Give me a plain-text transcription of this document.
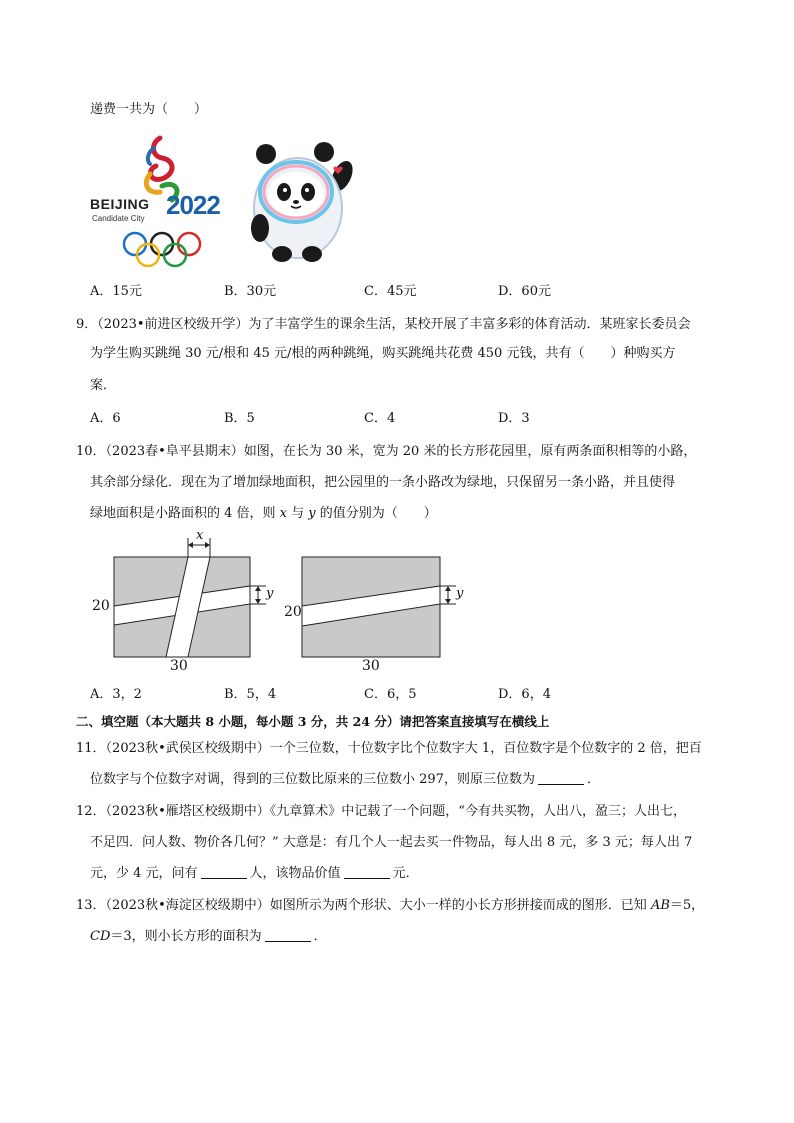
递费一共为（　　）
BEIJING
Candidate City 2022
A．15元	B．30元	C．45元	D．60元
9．（2023•前进区校级开学）为了丰富学生的课余生活，某校开展了丰富多彩的体育活动．某班家长委员会
为学生购买跳绳 30 元/根和 45 元/根的两种跳绳，购买跳绳共花费 450 元钱，共有（　　）种购买方
案．
A．6	B．5	C．4	D．3
10．（2023春•阜平县期末）如图，在长为 30 米，宽为 20 米的长方形花园里，原有两条面积相等的小路，
其余部分绿化．现在为了增加绿地面积，把公园里的一条小路改为绿地，只保留另一条小路，并且使得
绿地面积是小路面积的 4 倍，则 x 与 y 的值分别为（　　）
x
y
20
30
y
20
30
A．3，2	B．5，4	C．6，5	D．6，4
二、填空题（本大题共 8 小题，每小题 3 分，共 24 分）请把答案直接填写在横线上
11．（2023秋•武侯区校级期中）一个三位数，十位数字比个位数字大 1，百位数字是个位数字的 2 倍，把百
位数字与个位数字对调，得到的三位数比原来的三位数小 297，则原三位数为	．
12．（2023秋•雁塔区校级期中）《九章算术》中记载了一个问题，“今有共买物，人出八，盈三；人出七，
不足四．问人数、物价各几何？” 大意是：有几个人一起去买一件物品，每人出 8 元，多 3 元；每人出 7
元，少 4 元，问有	人，该物品价值	元．
13．（2023秋•海淀区校级期中）如图所示为两个形状、大小一样的小长方形拼接而成的图形．已知 AB＝5，
CD＝3，则小长方形的面积为	．
